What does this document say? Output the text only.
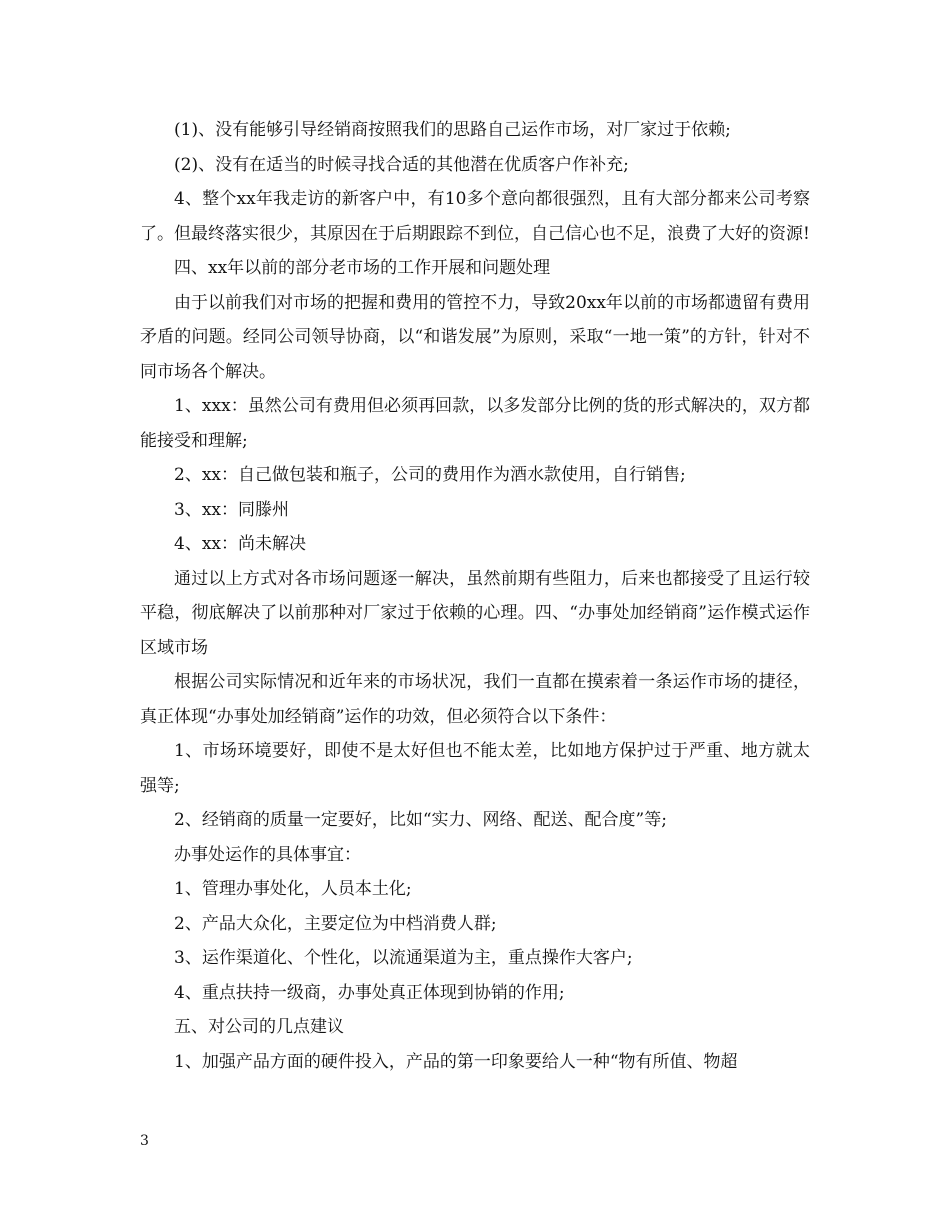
(1)、没有能够引导经销商按照我们的思路自己运作市场，对厂家过于依赖;

(2)、没有在适当的时候寻找合适的其他潜在优质客户作补充;

4、整个xx年我走访的新客户中，有10多个意向都很强烈，且有大部分都来公司考察了。但最终落实很少，其原因在于后期跟踪不到位，自己信心也不足，浪费了大好的资源!

四、xx年以前的部分老市场的工作开展和问题处理

由于以前我们对市场的把握和费用的管控不力，导致20xx年以前的市场都遗留有费用矛盾的问题。经同公司领导协商，以“和谐发展”为原则，采取“一地一策”的方针，针对不同市场各个解决。

1、xxx：虽然公司有费用但必须再回款，以多发部分比例的货的形式解决的，双方都能接受和理解;

2、xx：自己做包装和瓶子，公司的费用作为酒水款使用，自行销售;

3、xx：同滕州

4、xx：尚未解决

通过以上方式对各市场问题逐一解决，虽然前期有些阻力，后来也都接受了且运行较平稳，彻底解决了以前那种对厂家过于依赖的心理。四、“办事处加经销商”运作模式运作区域市场

根据公司实际情况和近年来的市场状况，我们一直都在摸索着一条运作市场的捷径，真正体现“办事处加经销商”运作的功效，但必须符合以下条件：

1、市场环境要好，即使不是太好但也不能太差，比如地方保护过于严重、地方就太强等;

2、经销商的质量一定要好，比如“实力、网络、配送、配合度”等;

办事处运作的具体事宜：

1、管理办事处化，人员本土化;

2、产品大众化，主要定位为中档消费人群;

3、运作渠道化、个性化，以流通渠道为主，重点操作大客户;

4、重点扶持一级商，办事处真正体现到协销的作用;

五、对公司的几点建议

1、加强产品方面的硬件投入，产品的第一印象要给人一种“物有所值、物超

3
